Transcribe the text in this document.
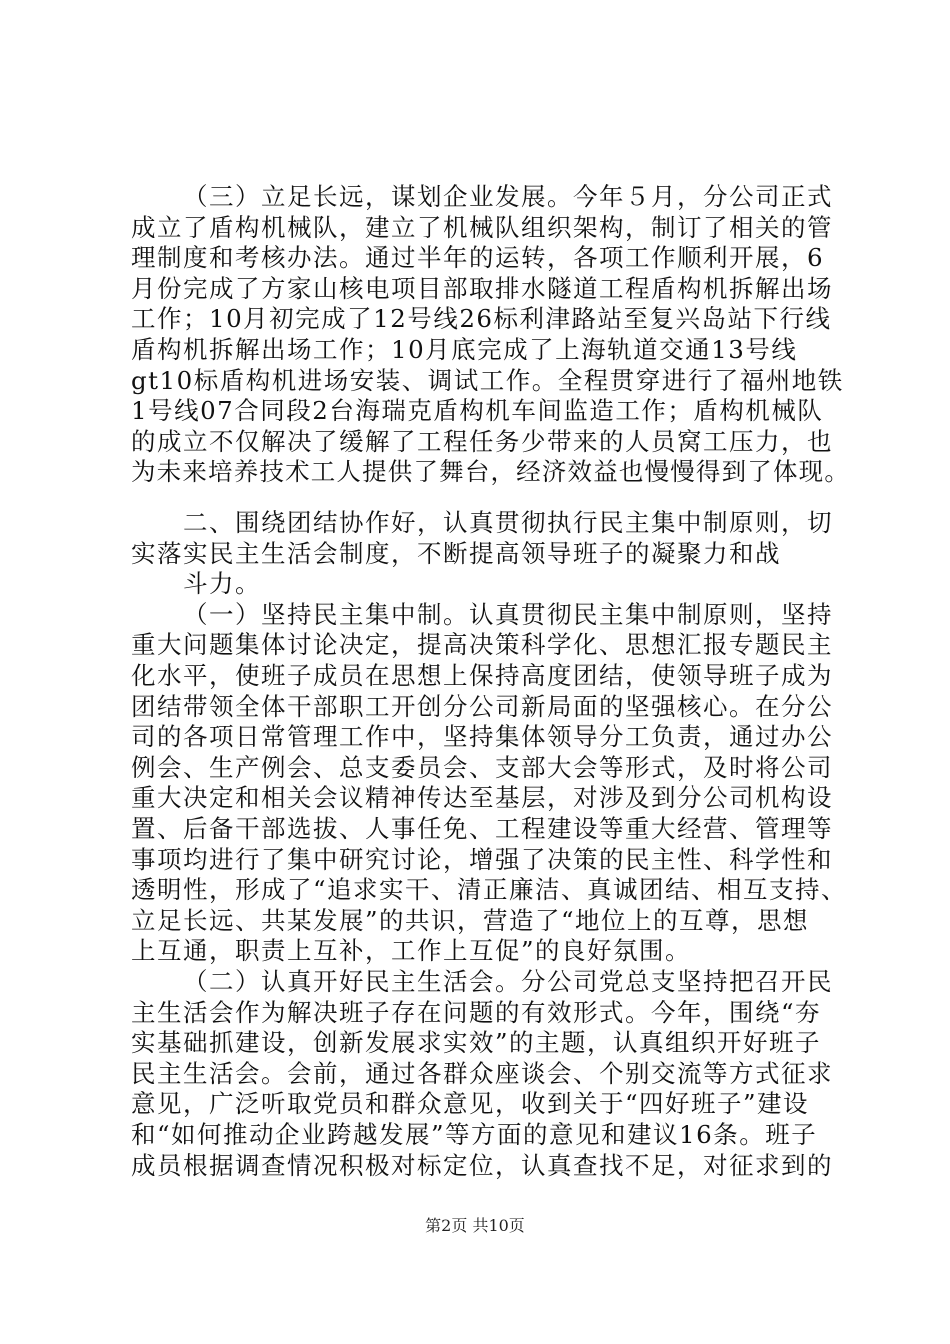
（三）立足长远，谋划企业发展。今年５月，分公司正式
成立了盾构机械队，建立了机械队组织架构，制订了相关的管
理制度和考核办法。通过半年的运转，各项工作顺利开展，6
月份完成了方家山核电项目部取排水隧道工程盾构机拆解出场
工作；10月初完成了12号线26标利津路站至复兴岛站下行线
盾构机拆解出场工作；10月底完成了上海轨道交通13号线
gt10标盾构机进场安装、调试工作。全程贯穿进行了福州地铁
1号线07合同段2台海瑞克盾构机车间监造工作；盾构机械队
的成立不仅解决了缓解了工程任务少带来的人员窝工压力，也
为未来培养技术工人提供了舞台，经济效益也慢慢得到了体现。
二、围绕团结协作好，认真贯彻执行民主集中制原则，切
实落实民主生活会制度，不断提高领导班子的凝聚力和战
斗力。
（一）坚持民主集中制。认真贯彻民主集中制原则，坚持
重大问题集体讨论决定，提高决策科学化、思想汇报专题民主
化水平，使班子成员在思想上保持高度团结，使领导班子成为
团结带领全体干部职工开创分公司新局面的坚强核心。在分公
司的各项日常管理工作中，坚持集体领导分工负责，通过办公
例会、生产例会、总支委员会、支部大会等形式，及时将公司
重大决定和相关会议精神传达至基层，对涉及到分公司机构设
置、后备干部选拔、人事任免、工程建设等重大经营、管理等
事项均进行了集中研究讨论，增强了决策的民主性、科学性和
透明性，形成了“追求实干、清正廉洁、真诚团结、相互支持、
立足长远、共某发展”的共识，营造了“地位上的互尊，思想
上互通，职责上互补，工作上互促”的良好氛围。
（二）认真开好民主生活会。分公司党总支坚持把召开民
主生活会作为解决班子存在问题的有效形式。今年，围绕“夯
实基础抓建设，创新发展求实效”的主题，认真组织开好班子
民主生活会。会前，通过各群众座谈会、个别交流等方式征求
意见，广泛听取党员和群众意见，收到关于“四好班子”建设
和“如何推动企业跨越发展”等方面的意见和建议16条。班子
成员根据调查情况积极对标定位，认真查找不足，对征求到的
第2页 共10页
